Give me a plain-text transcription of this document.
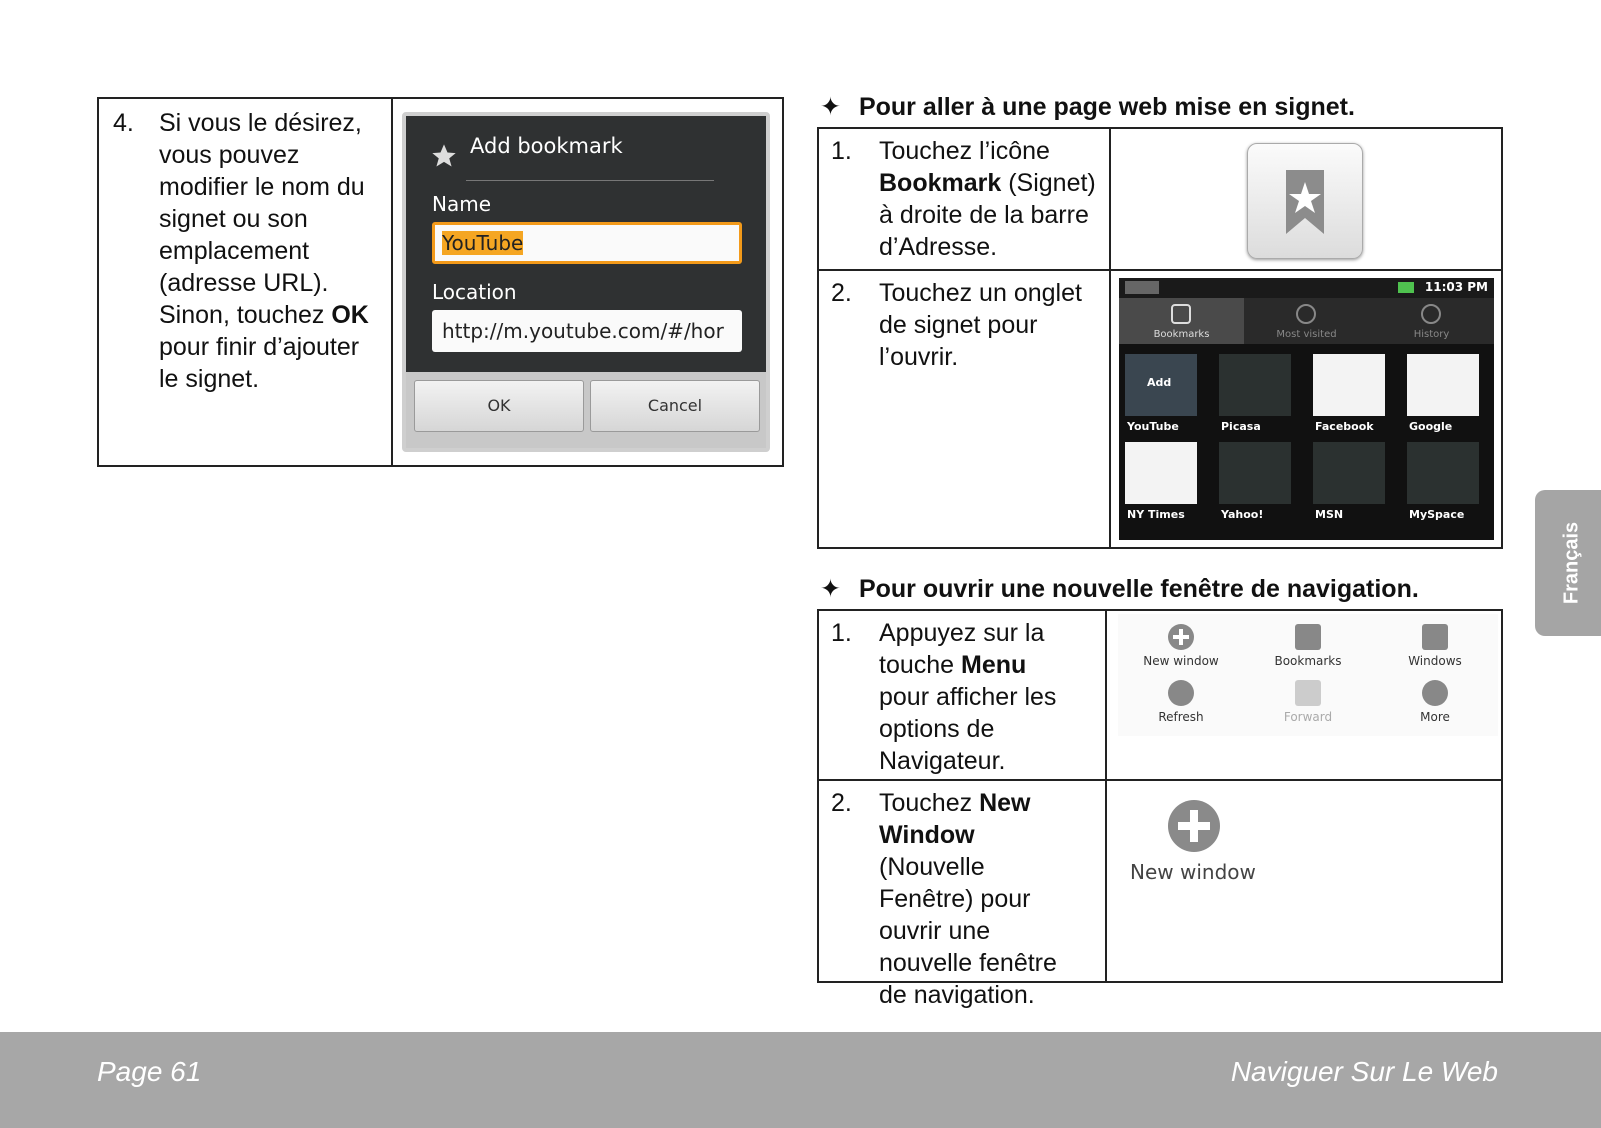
4. Si vous le désirez, vous pouvez modifier le nom du signet ou son emplacement (adresse URL). Sinon, touchez OK pour finir d’ajouter le signet.
Add bookmark
Name
YouTube
Location
http://m.youtube.com/#/hor
OK	Cancel
✦ Pour aller à une page web mise en signet.
1. Touchez l’icône Bookmark (Signet) à droite de la barre d’Adresse.
2. Touchez un onglet de signet pour l’ouvrir.
11:03 PM
Bookmarks	Most visited	History
Add
YouTube	Picasa	Facebook	Google
NY Times	Yahoo!	MSN	MySpace
✦ Pour ouvrir une nouvelle fenêtre de navigation.
1. Appuyez sur la touche Menu pour afficher les options de Navigateur.
2. Touchez New Window (Nouvelle Fenêtre) pour ouvrir une nouvelle fenêtre de navigation.
New window	Bookmarks	Windows
Refresh	Forward	More
New window
Français
Page 61	Naviguer Sur Le Web
